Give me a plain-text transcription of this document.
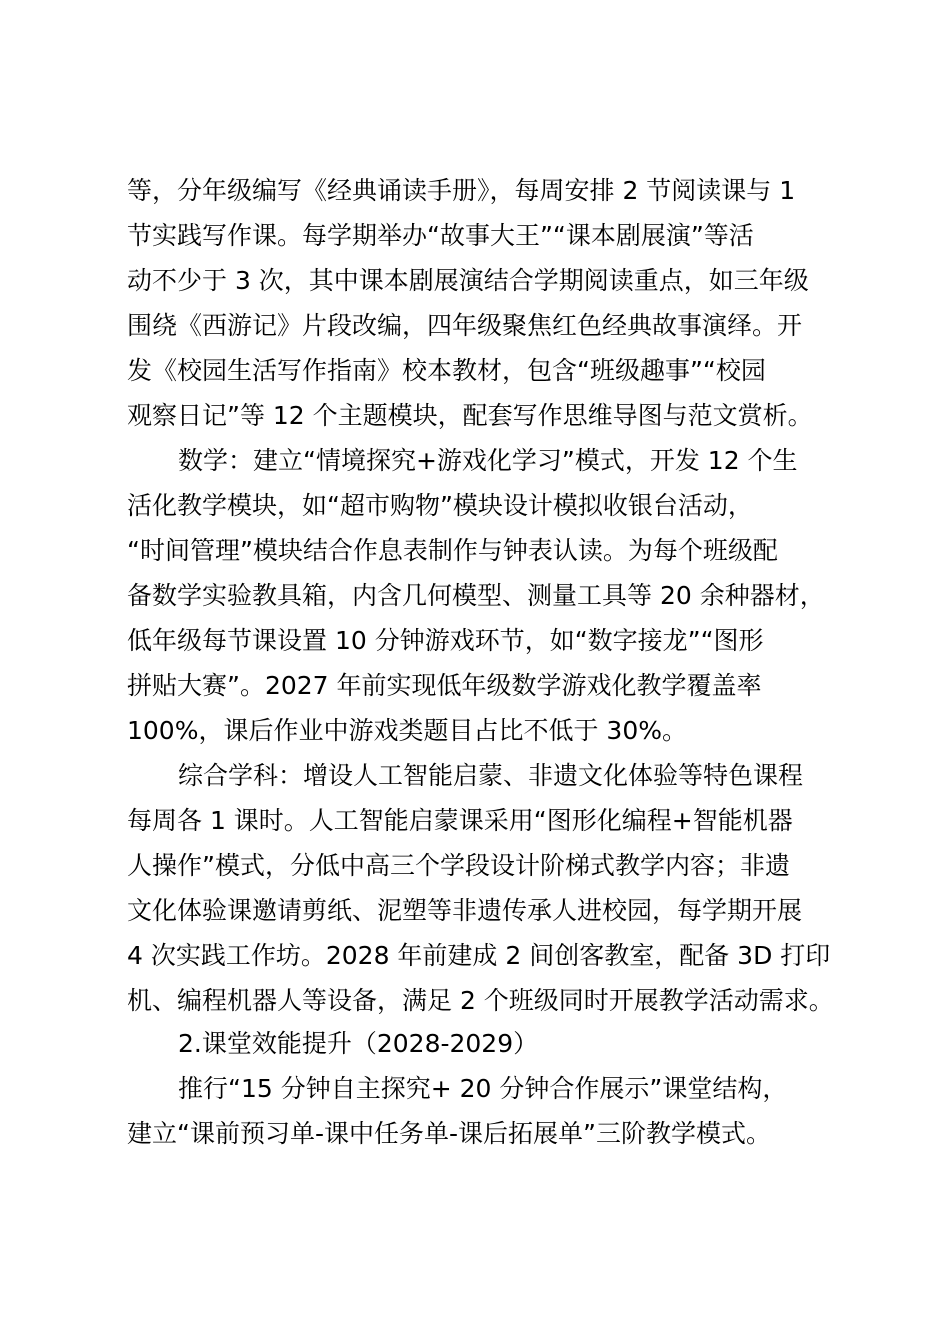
等，分年级编写《经典诵读手册》，每周安排 2 节阅读课与 1
节实践写作课。每学期举办“故事大王”“课本剧展演”等活
动不少于 3 次，其中课本剧展演结合学期阅读重点，如三年级
围绕《西游记》片段改编，四年级聚焦红色经典故事演绎。开
发《校园生活写作指南》校本教材，包含“班级趣事”“校园
观察日记”等 12 个主题模块，配套写作思维导图与范文赏析。
数学：建立“情境探究+游戏化学习”模式，开发 12 个生
活化教学模块，如“超市购物”模块设计模拟收银台活动，
“时间管理”模块结合作息表制作与钟表认读。为每个班级配
备数学实验教具箱，内含几何模型、测量工具等 20 余种器材，
低年级每节课设置 10 分钟游戏环节，如“数字接龙”“图形
拼贴大赛”。2027 年前实现低年级数学游戏化教学覆盖率
100%，课后作业中游戏类题目占比不低于 30%。
综合学科：增设人工智能启蒙、非遗文化体验等特色课程
每周各 1 课时。人工智能启蒙课采用“图形化编程+智能机器
人操作”模式，分低中高三个学段设计阶梯式教学内容；非遗
文化体验课邀请剪纸、泥塑等非遗传承人进校园，每学期开展
4 次实践工作坊。2028 年前建成 2 间创客教室，配备 3D 打印
机、编程机器人等设备，满足 2 个班级同时开展教学活动需求。
2.课堂效能提升（2028-2029）
推行“15 分钟自主探究+ 20 分钟合作展示”课堂结构，
建立“课前预习单-课中任务单-课后拓展单”三阶教学模式。
